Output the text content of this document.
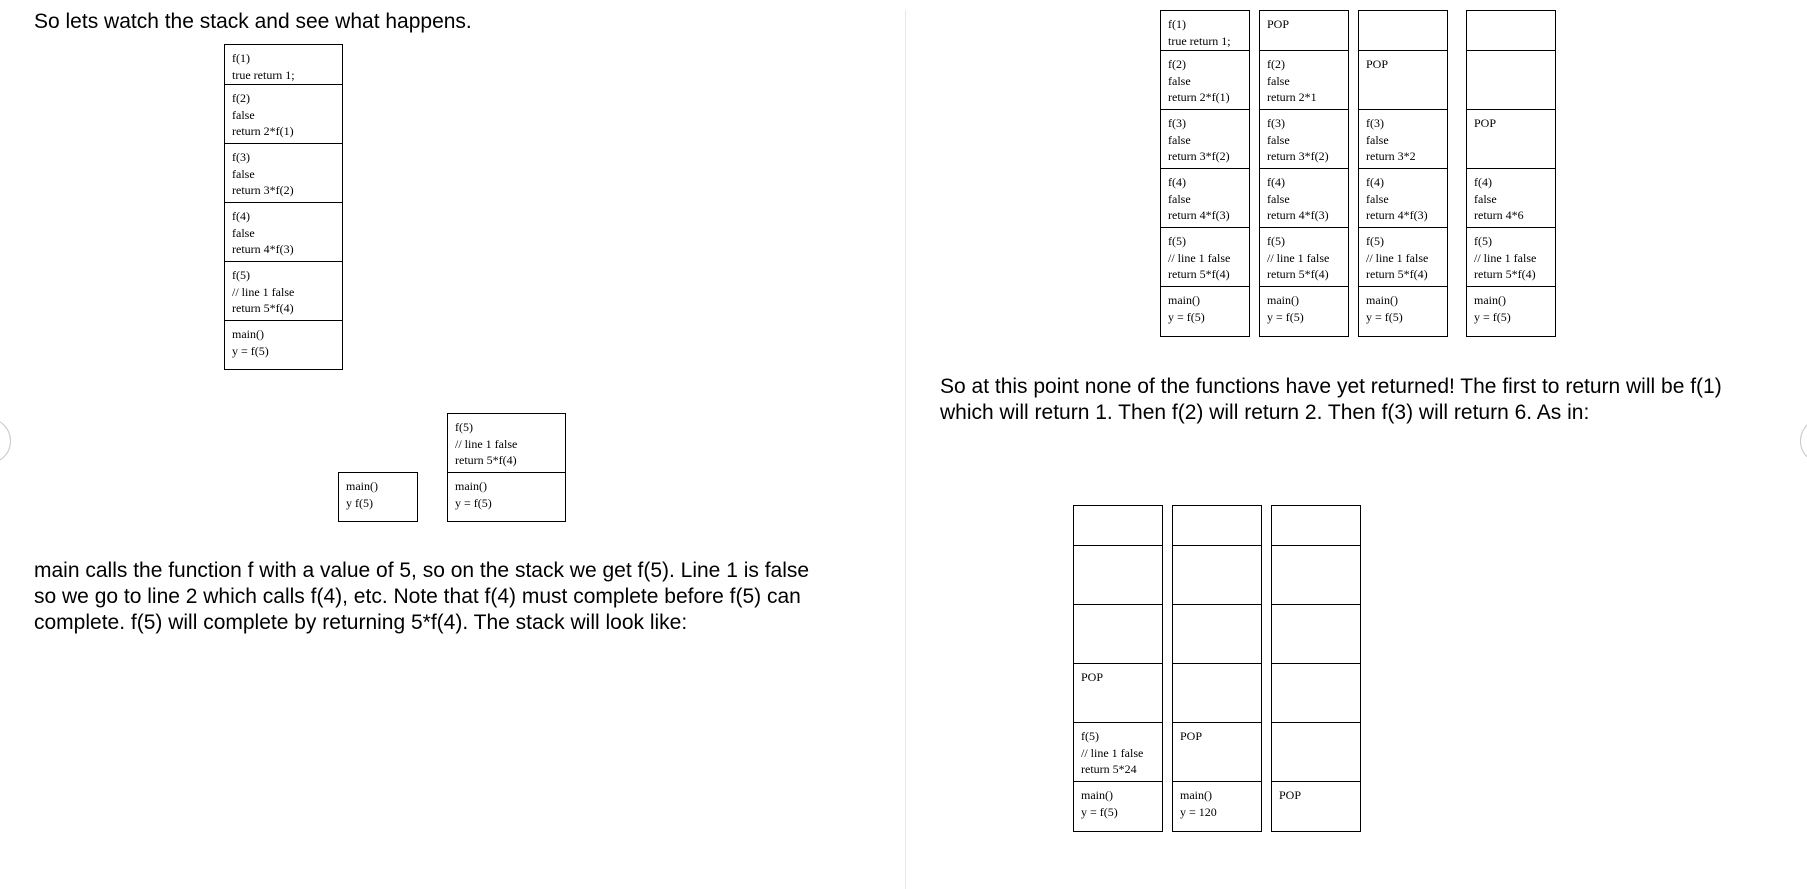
So lets watch the stack and see what happens.

f(1)
true return 1;
f(2)
false
return 2*f(1)
f(3)
false
return 3*f(2)
f(4)
false
return 4*f(3)
f(5)
// line 1 false
return 5*f(4)
main()
y = f(5)
main()
y f(5)
f(5)
// line 1 false
return 5*f(4)
main()
y = f(5)

main calls the function f with a value of 5, so on the stack we get f(5). Line 1 is false
so we go to line 2 which calls f(4), etc. Note that f(4) must complete before f(5) can
complete. f(5) will complete by returning 5*f(4). The stack will look like:

f(1)
true return 1;
f(2)
false
return 2*f(1)
f(3)
false
return 3*f(2)
f(4)
false
return 4*f(3)
f(5)
// line 1 false
return 5*f(4)
main()
y = f(5)
POP
f(2)
false
return 2*1
f(3)
false
return 3*f(2)
f(4)
false
return 4*f(3)
f(5)
// line 1 false
return 5*f(4)
main()
y = f(5)
POP
f(3)
false
return 3*2
f(4)
false
return 4*f(3)
f(5)
// line 1 false
return 5*f(4)
main()
y = f(5)
POP
f(4)
false
return 4*6
f(5)
// line 1 false
return 5*f(4)
main()
y = f(5)

So at this point none of the functions have yet returned! The first to return will be f(1)
which will return 1. Then f(2) will return 2. Then f(3) will return 6. As in:

POP
f(5)
// line 1 false
return 5*24
main()
y = f(5)
POP
main()
y = 120
POP
